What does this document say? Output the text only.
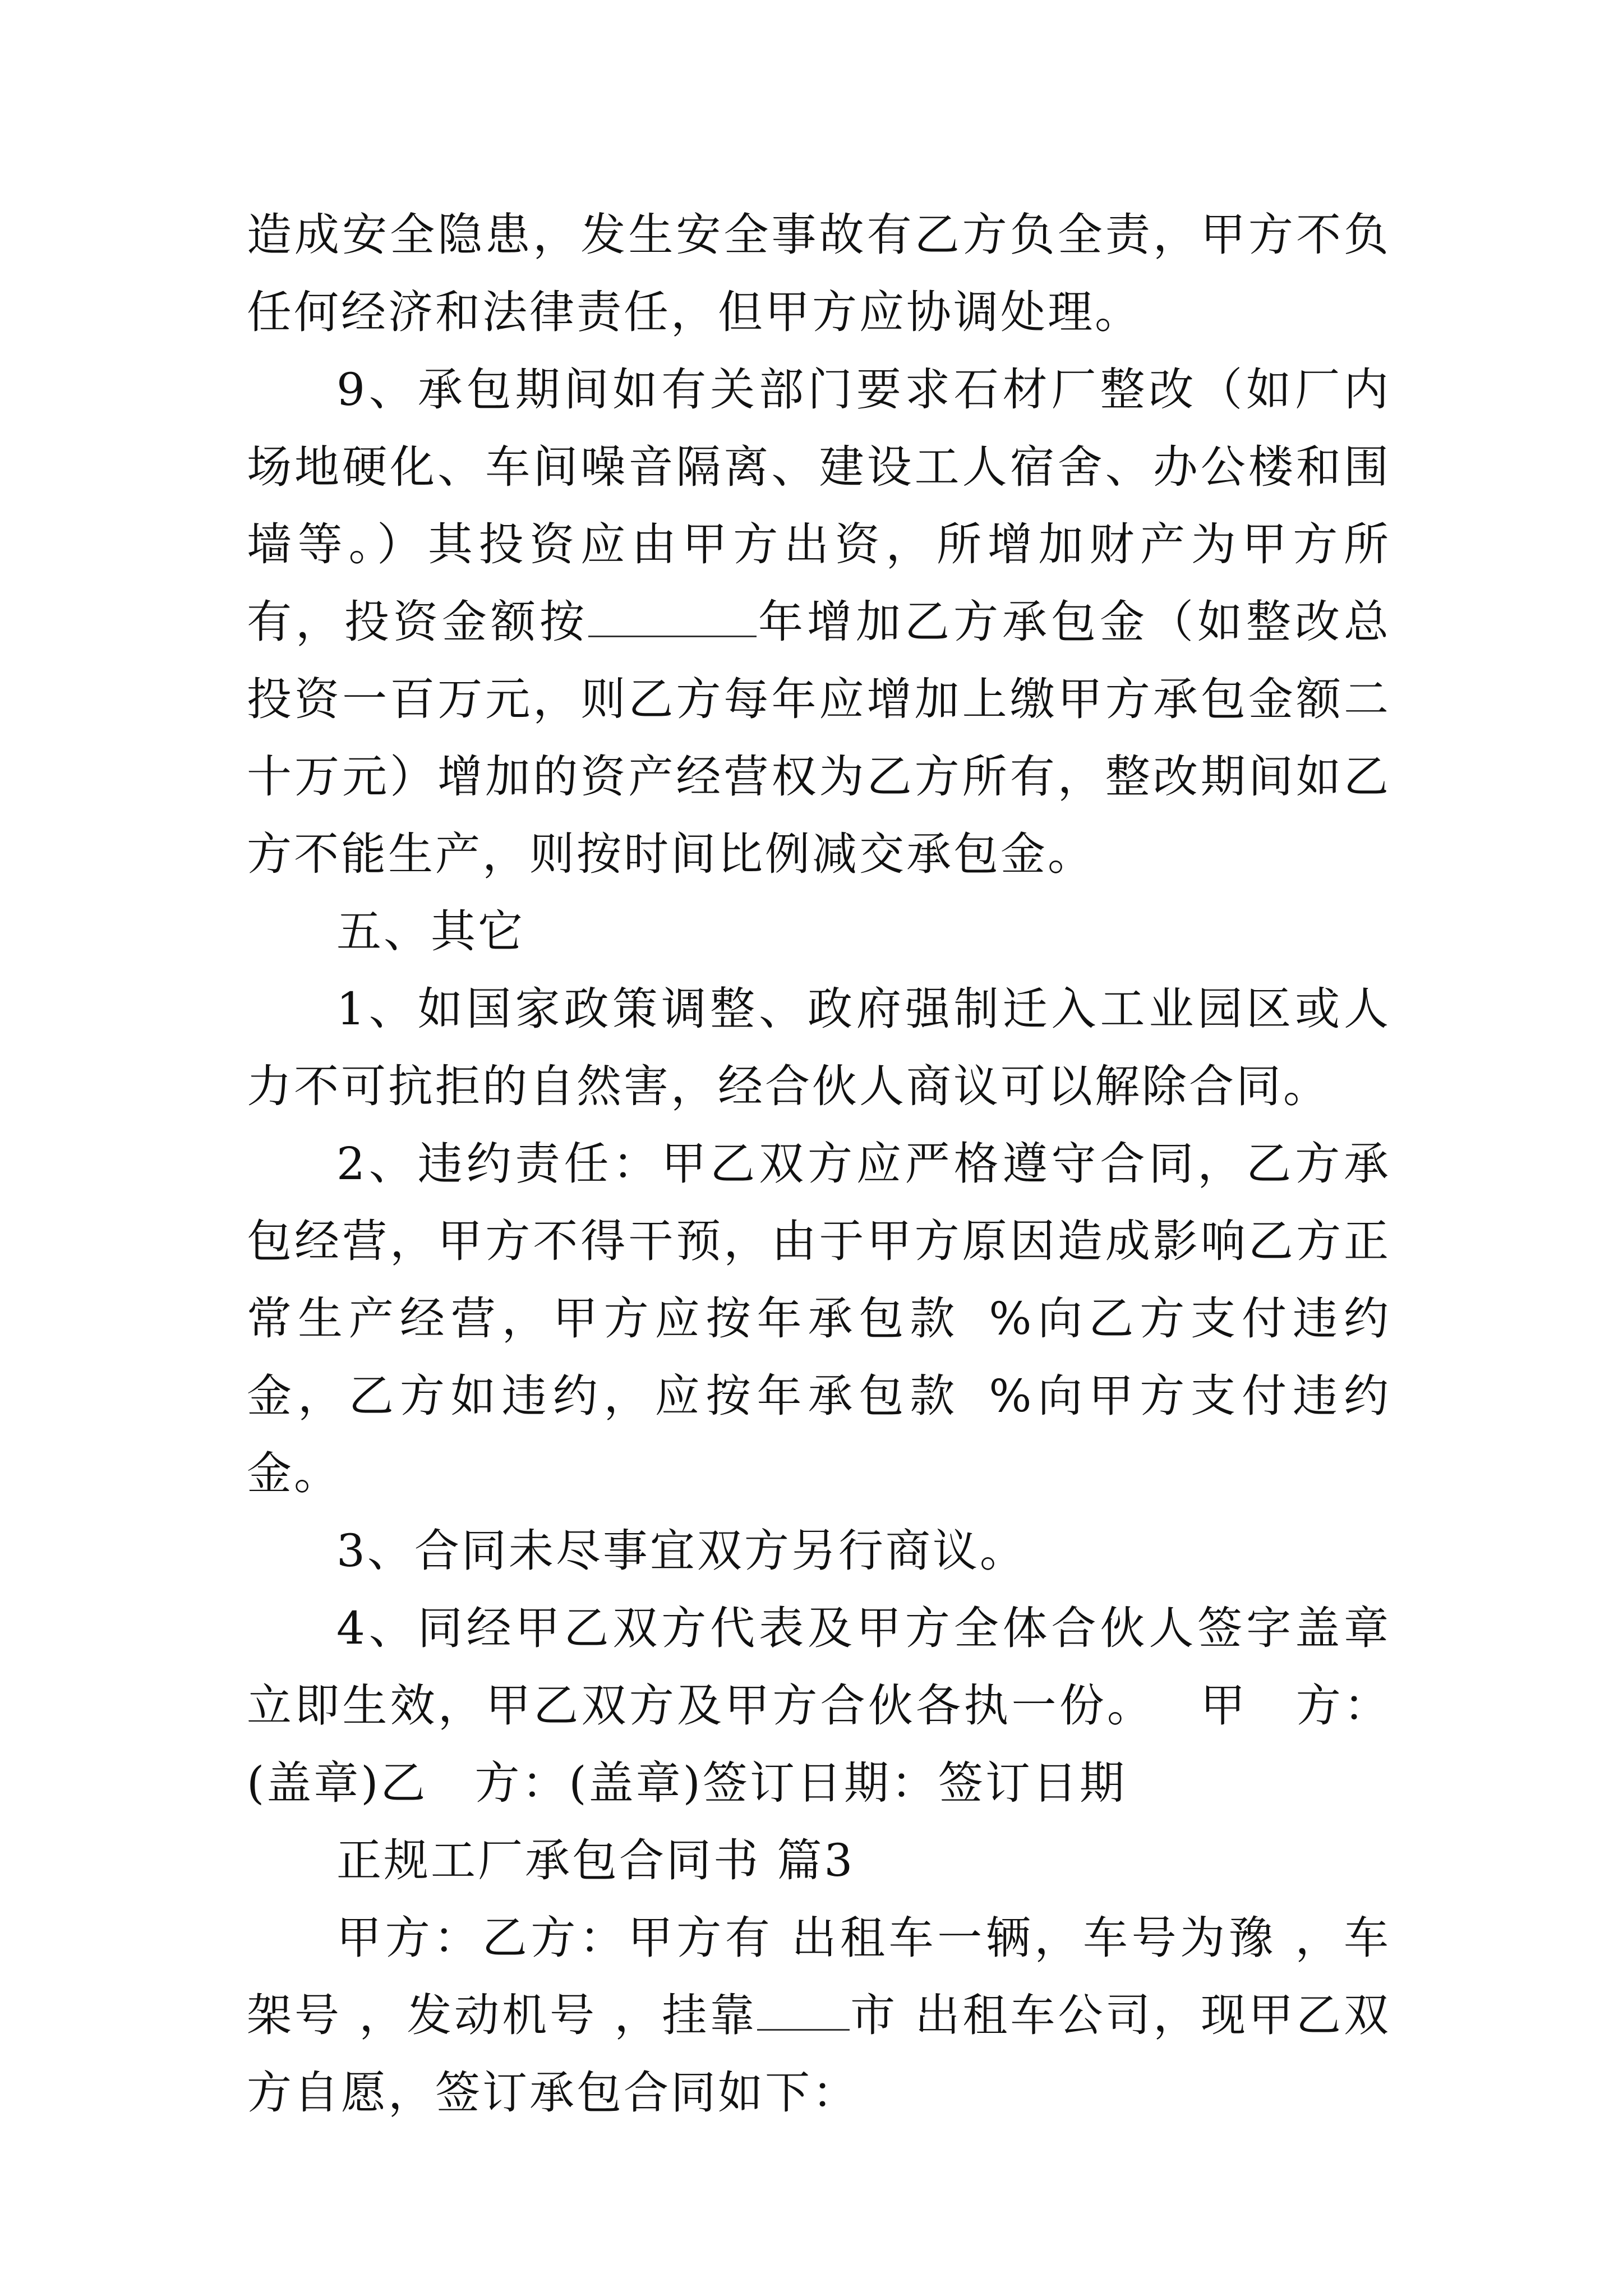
造成安全隐患，发生安全事故有乙方负全责，甲方不负任何经济和法律责任，但甲方应协调处理。

9、承包期间如有关部门要求石材厂整改（如厂内场地硬化、车间噪音隔离、建设工人宿舍、办公楼和围墙等。）其投资应由甲方出资，所增加财产为甲方所有，投资金额按	年增加乙方承包金（如整改总投资一百万元，则乙方每年应增加上缴甲方承包金额二十万元）增加的资产经营权为乙方所有，整改期间如乙方不能生产，则按时间比例减交承包金。

五、其它

1、如国家政策调整、政府强制迁入工业园区或人力不可抗拒的自然害，经合伙人商议可以解除合同。

2、违约责任：甲乙双方应严格遵守合同，乙方承包经营，甲方不得干预，由于甲方原因造成影响乙方正常生产经营，甲方应按年承包款 %向乙方支付违约金，乙方如违约，应按年承包款 %向甲方支付违约金。

3、合同未尽事宜双方另行商议。

4、同经甲乙双方代表及甲方全体合伙人签字盖章立即生效，甲乙双方及甲方合伙各执一份。 甲　方：(盖章)乙　方：(盖章)签订日期：签订日期

正规工厂承包合同书 篇3

甲方：乙方：甲方有 出租车一辆，车号为豫 ，车架号 ，发动机号 ，挂靠 市 出租车公司，现甲乙双方自愿，签订承包合同如下：
